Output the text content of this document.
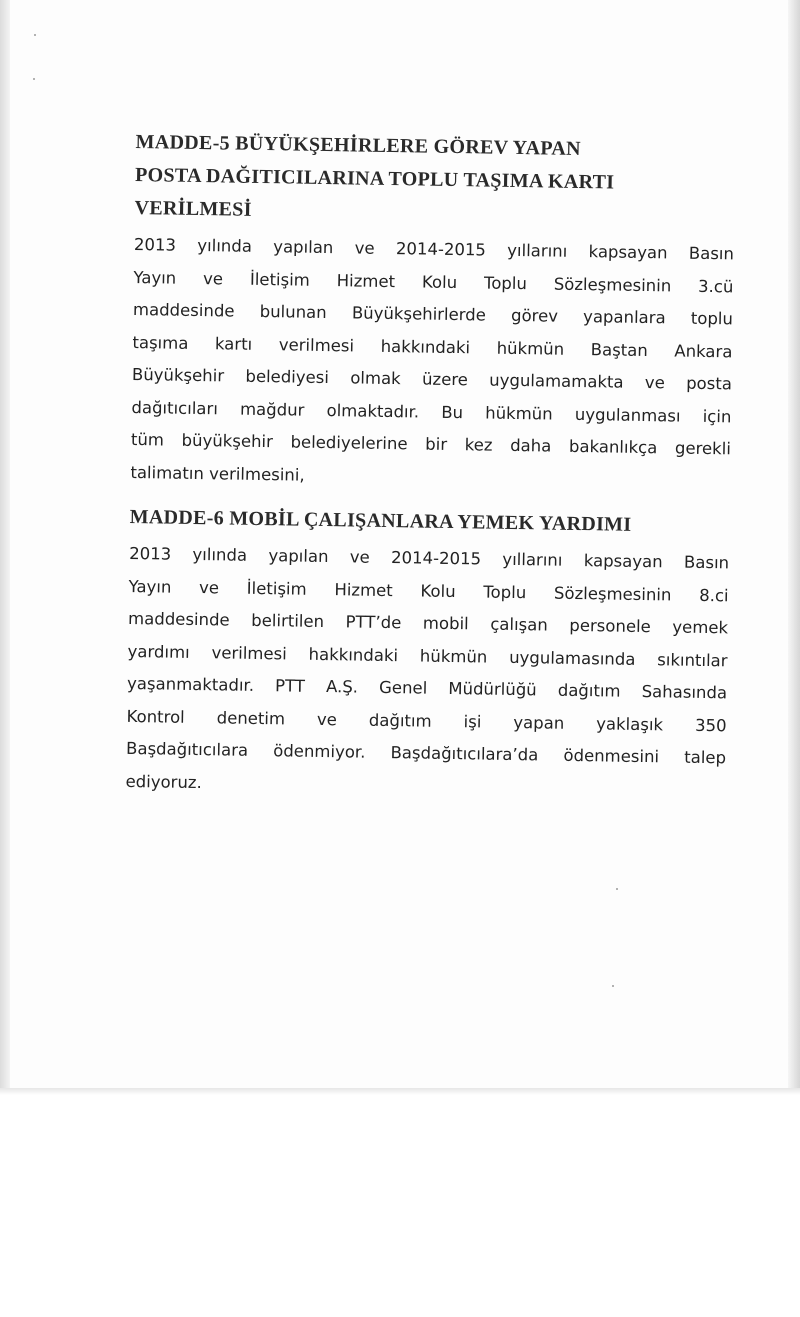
MADDE-5 BÜYÜKŞEHİRLERE GÖREV YAPAN
POSTA DAĞITICILARINA TOPLU TAŞIMA KARTI
VERİLMESİ

2013 yılında yapılan ve 2014-2015 yıllarını kapsayan Basın
Yayın ve İletişim Hizmet Kolu Toplu Sözleşmesinin 3.cü
maddesinde bulunan Büyükşehirlerde görev yapanlara toplu
taşıma kartı verilmesi hakkındaki hükmün Baştan Ankara
Büyükşehir belediyesi olmak üzere uygulamamakta ve posta
dağıtıcıları mağdur olmaktadır. Bu hükmün uygulanması için
tüm büyükşehir belediyelerine bir kez daha bakanlıkça gerekli
talimatın verilmesini,

MADDE-6 MOBİL ÇALIŞANLARA YEMEK YARDIMI

2013 yılında yapılan ve 2014-2015 yıllarını kapsayan Basın
Yayın ve İletişim Hizmet Kolu Toplu Sözleşmesinin 8.ci
maddesinde belirtilen PTT’de mobil çalışan personele yemek
yardımı verilmesi hakkındaki hükmün uygulamasında sıkıntılar
yaşanmaktadır. PTT A.Ş. Genel Müdürlüğü dağıtım Sahasında
Kontrol denetim ve dağıtım işi yapan yaklaşık 350
Başdağıtıcılara ödenmiyor. Başdağıtıcılara’da ödenmesini talep
ediyoruz.
